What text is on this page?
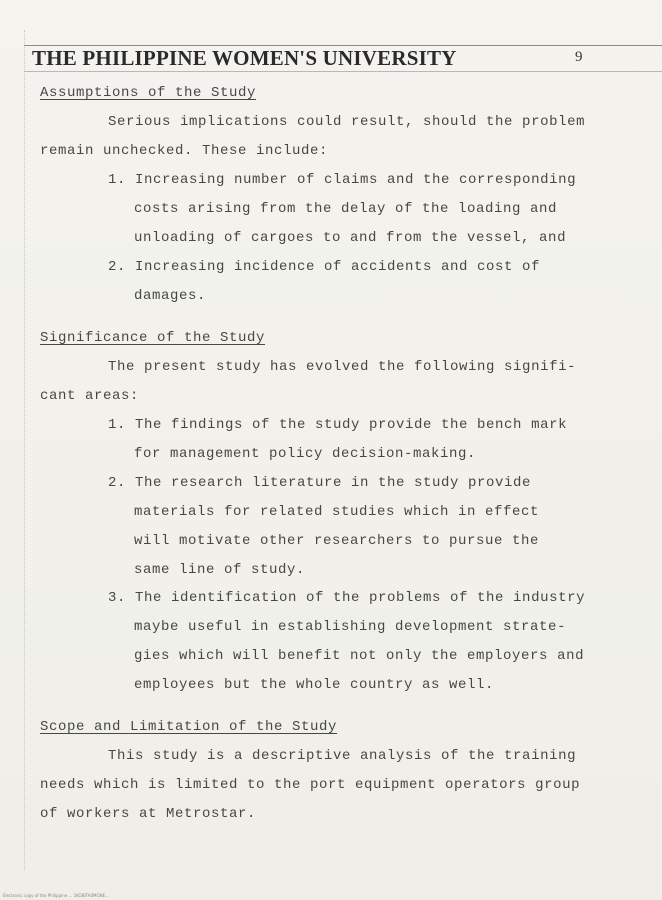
THE PHILIPPINE WOMEN'S UNIVERSITY	9
Assumptions of the Study
Serious implications could result, should the problem
remain unchecked. These include:
1. Increasing number of claims and the corresponding
costs arising from the delay of the loading and
unloading of cargoes to and from the vessel, and
2. Increasing incidence of accidents and cost of
damages.
Significance of the Study
The present study has evolved the following signifi-
cant areas:
1. The findings of the study provide the bench mark
for management policy decision-making.
2. The research literature in the study provide
materials for related studies which in effect
will motivate other researchers to pursue the
same line of study.
3. The identification of the problems of the industry
maybe useful in establishing development strate-
gies which will benefit not only the employers and
employees but the whole country as well.
Scope and Limitation of the Study
This study is a descriptive analysis of the training
needs which is limited to the port equipment operators group
of workers at Metrostar.
Electronic copy of the Philippine ... 1KOBITA0MONE...
